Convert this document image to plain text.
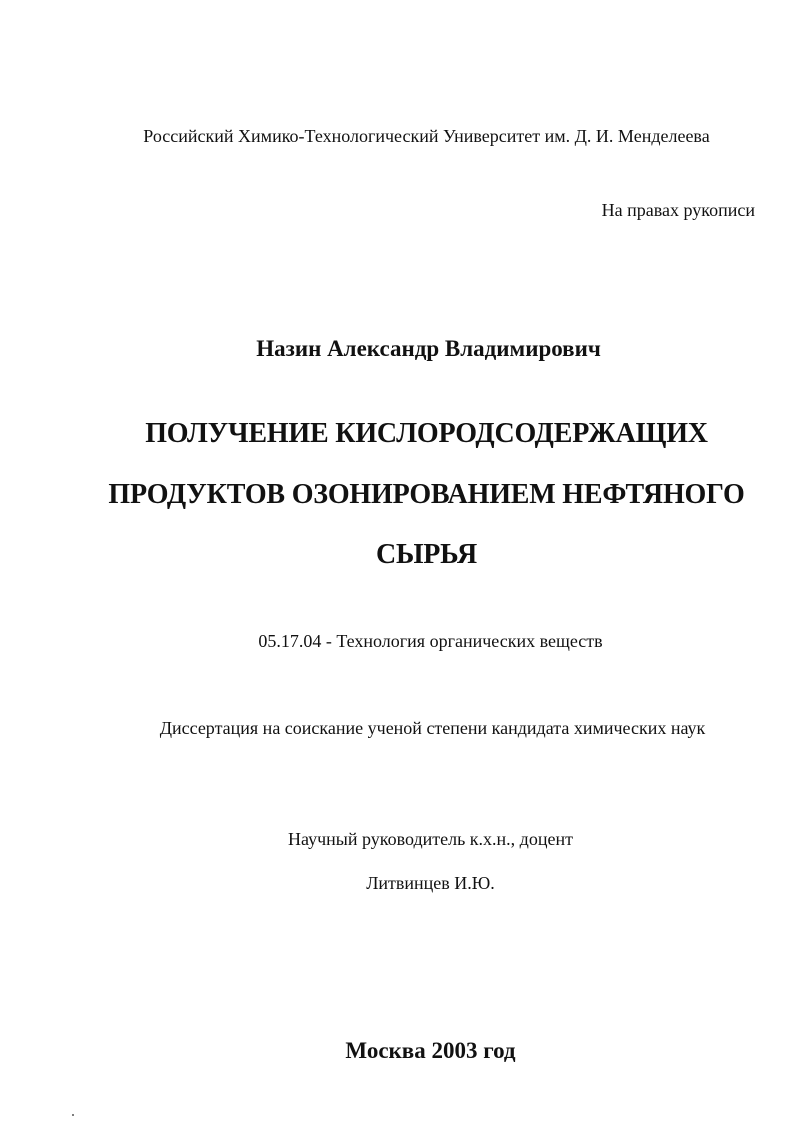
Российский Химико-Технологический Университет им. Д. И. Менделеева
На правах рукописи
Назин Александр Владимирович
ПОЛУЧЕНИЕ КИСЛОРОДСОДЕРЖАЩИХ
ПРОДУКТОВ ОЗОНИРОВАНИЕМ НЕФТЯНОГО
СЫРЬЯ
05.17.04 - Технология органических веществ
Диссертация на соискание ученой степени кандидата химических наук
Научный руководитель к.х.н., доцент
Литвинцев И.Ю.
Москва 2003 год
